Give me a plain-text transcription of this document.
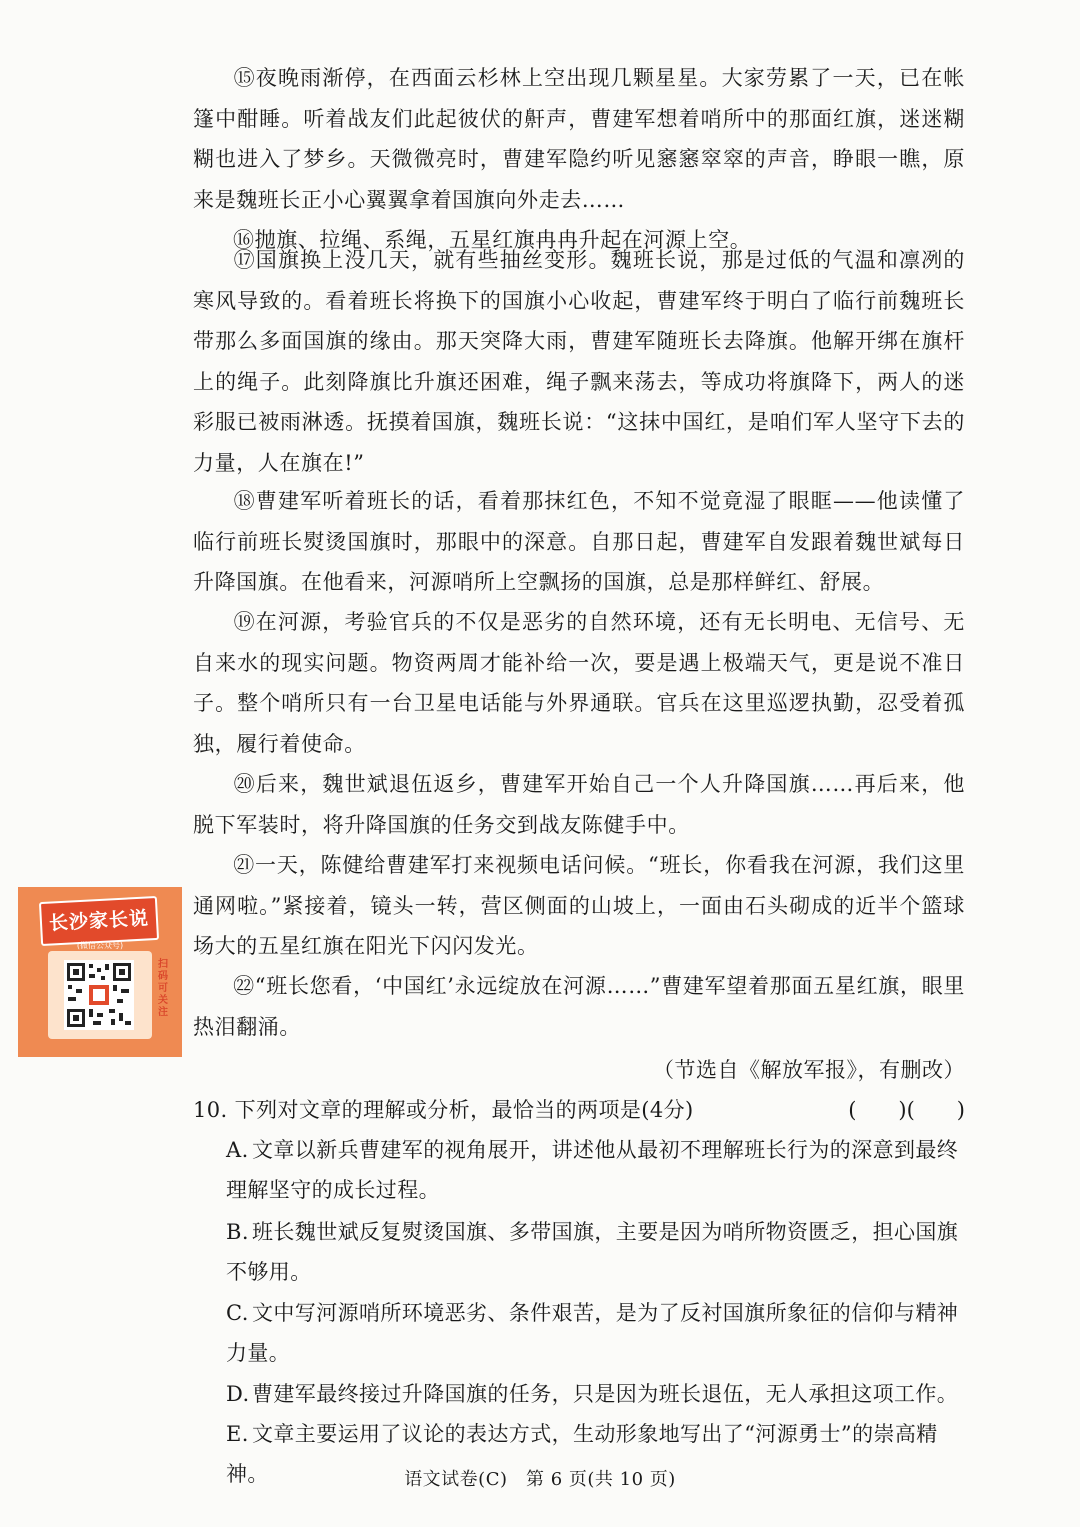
⑮夜晚雨渐停，在西面云杉林上空出现几颗星星。大家劳累了一天，已在帐篷中酣睡。听着战友们此起彼伏的鼾声，曹建军想着哨所中的那面红旗，迷迷糊糊也进入了梦乡。天微微亮时，曹建军隐约听见窸窸窣窣的声音，睁眼一瞧，原来是魏班长正小心翼翼拿着国旗向外走去……

⑯抛旗、拉绳、系绳，五星红旗冉冉升起在河源上空。

⑰国旗换上没几天，就有些抽丝变形。魏班长说，那是过低的气温和凛冽的寒风导致的。看着班长将换下的国旗小心收起，曹建军终于明白了临行前魏班长带那么多面国旗的缘由。那天突降大雨，曹建军随班长去降旗。他解开绑在旗杆上的绳子。此刻降旗比升旗还困难，绳子飘来荡去，等成功将旗降下，两人的迷彩服已被雨淋透。抚摸着国旗，魏班长说：“这抹中国红，是咱们军人坚守下去的力量，人在旗在!”

⑱曹建军听着班长的话，看着那抹红色，不知不觉竟湿了眼眶——他读懂了临行前班长熨烫国旗时，那眼中的深意。自那日起，曹建军自发跟着魏世斌每日升降国旗。在他看来，河源哨所上空飘扬的国旗，总是那样鲜红、舒展。

⑲在河源，考验官兵的不仅是恶劣的自然环境，还有无长明电、无信号、无自来水的现实问题。物资两周才能补给一次，要是遇上极端天气，更是说不准日子。整个哨所只有一台卫星电话能与外界通联。官兵在这里巡逻执勤，忍受着孤独，履行着使命。

⑳后来，魏世斌退伍返乡，曹建军开始自己一个人升降国旗……再后来，他脱下军装时，将升降国旗的任务交到战友陈健手中。

㉑一天，陈健给曹建军打来视频电话问候。“班长，你看我在河源，我们这里通网啦。”紧接着，镜头一转，营区侧面的山坡上，一面由石头砌成的近半个篮球场大的五星红旗在阳光下闪闪发光。

㉒“班长您看，‘中国红’永远绽放在河源……”曹建军望着那面五星红旗，眼里热泪翻涌。

（节选自《解放军报》，有删改）
10. 下列对文章的理解或分析，最恰当的两项是(4分)	(　　)(　　)
A. 文章以新兵曹建军的视角展开，讲述他从最初不理解班长行为的深意到最终理解坚守的成长过程。
B. 班长魏世斌反复熨烫国旗、多带国旗，主要是因为哨所物资匮乏，担心国旗不够用。
C. 文中写河源哨所环境恶劣、条件艰苦，是为了反衬国旗所象征的信仰与精神力量。
D. 曹建军最终接过升降国旗的任务，只是因为班长退伍，无人承担这项工作。
E. 文章主要运用了议论的表达方式，生动形象地写出了“河源勇士”的崇高精神。	语文试卷(C)　第 6 页(共 10 页)
长沙家长说
(微信公众号)
扫码可关注
